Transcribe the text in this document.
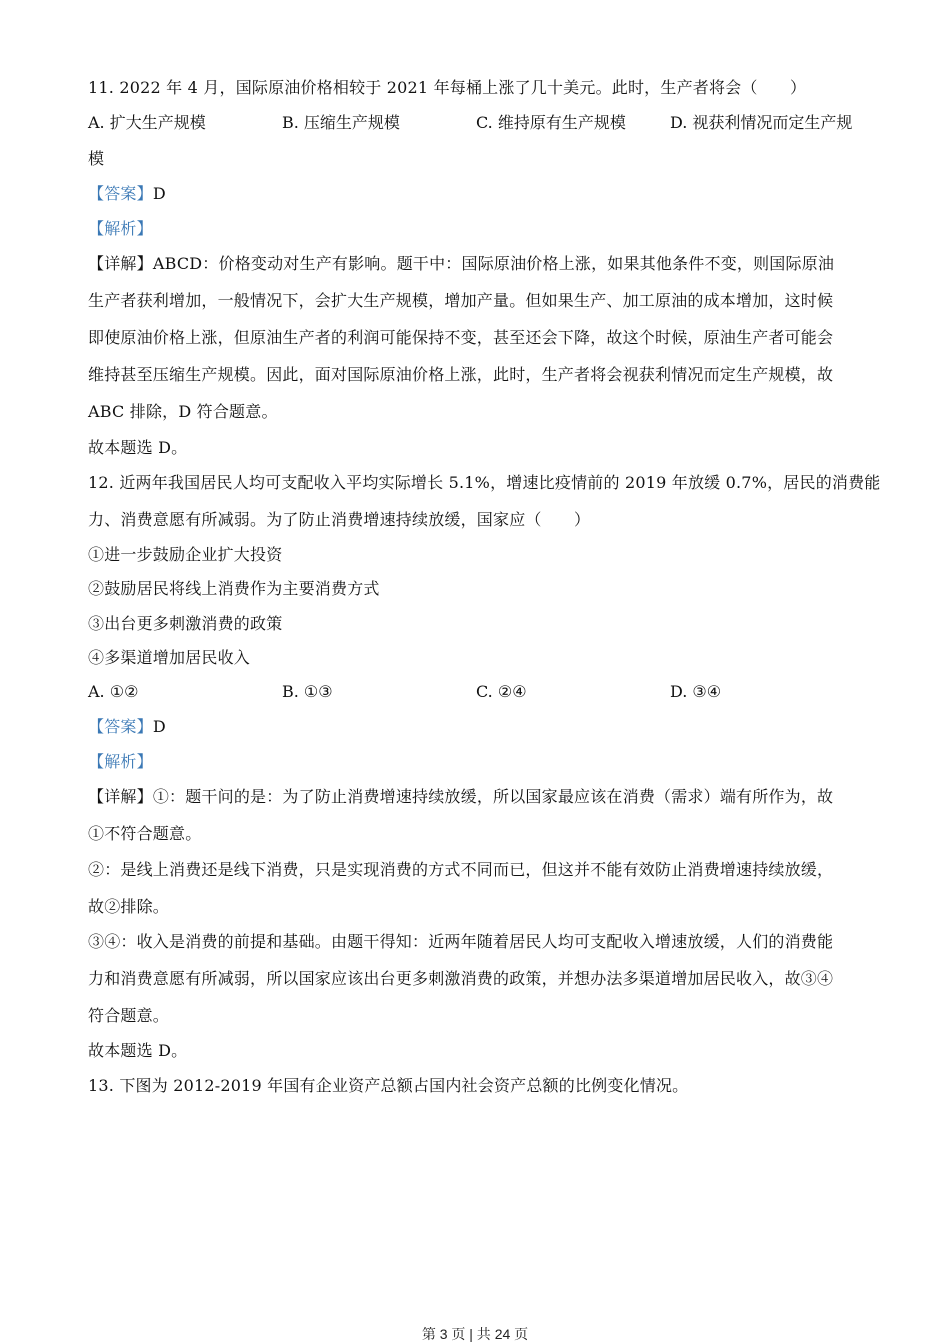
11. 2022 年 4 月，国际原油价格相较于 2021 年每桶上涨了几十美元。此时，生产者将会（　　）
A. 扩大生产规模	B. 压缩生产规模	C. 维持原有生产规模	D. 视获利情况而定生产规
模
【答案】D
【解析】
【详解】ABCD：价格变动对生产有影响。题干中：国际原油价格上涨，如果其他条件不变，则国际原油
生产者获利增加，一般情况下，会扩大生产规模，增加产量。但如果生产、加工原油的成本增加，这时候
即使原油价格上涨，但原油生产者的利润可能保持不变，甚至还会下降，故这个时候，原油生产者可能会
维持甚至压缩生产规模。因此，面对国际原油价格上涨，此时，生产者将会视获利情况而定生产规模，故
ABC 排除，D 符合题意。
故本题选 D。
12. 近两年我国居民人均可支配收入平均实际增长 5.1%，增速比疫情前的 2019 年放缓 0.7%，居民的消费能
力、消费意愿有所减弱。为了防止消费增速持续放缓，国家应（　　）
①进一步鼓励企业扩大投资
②鼓励居民将线上消费作为主要消费方式
③出台更多刺激消费的政策
④多渠道增加居民收入
A. ①②	B. ①③	C. ②④	D. ③④
【答案】D
【解析】
【详解】①：题干问的是：为了防止消费增速持续放缓，所以国家最应该在消费（需求）端有所作为，故
①不符合题意。
②：是线上消费还是线下消费，只是实现消费的方式不同而已，但这并不能有效防止消费增速持续放缓，
故②排除。
③④：收入是消费的前提和基础。由题干得知：近两年随着居民人均可支配收入增速放缓，人们的消费能
力和消费意愿有所减弱，所以国家应该出台更多刺激消费的政策，并想办法多渠道增加居民收入，故③④
符合题意。
故本题选 D。
13. 下图为 2012-2019 年国有企业资产总额占国内社会资产总额的比例变化情况。
第 3 页 | 共 24 页
